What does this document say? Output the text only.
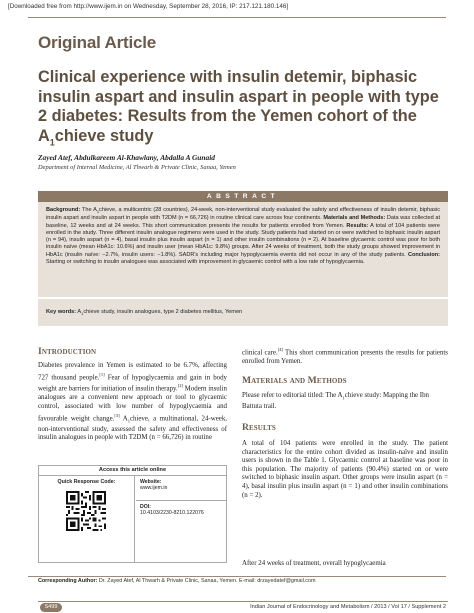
[Downloaded free from http://www.ijem.in on Wednesday, September 28, 2016, IP: 217.121.180.146]
Original Article
Clinical experience with insulin detemir, biphasic insulin aspart and insulin aspart in people with type 2 diabetes: Results from the Yemen cohort of the $A_1chieve$ study
Zayed Atef, Abdulkareem Al-Khawlany, Abdalla A Gunaid
Department of Internal Medicine, Al Thwarh & Private Clinic, Sanaa, Yemen
ABSTRACT
Background: The $A_1chieve$, a multicentric (28 countries), 24-week, non-interventional study evaluated the safety and effectiveness of insulin detemir, biphasic insulin aspart and insulin aspart in people with T2DM (n = 66,726) in routine clinical care across four continents. Materials and Methods: Data was collected at baseline, 12 weeks and at 24 weeks. This short communication presents the results for patients enrolled from Yemen. Results: A total of 104 patients were enrolled in the study. Three different insulin analogue regimens were used in the study. Study patients had started on or were switched to biphasic insulin aspart (n = 94), insulin aspart (n = 4), basal insulin plus insulin aspart (n = 1) and other insulin combinations (n = 2). At baseline glycaemic control was poor for both insulin naïve (mean HbA1c: 10.6%) and insulin user (mean HbA1c: 9.8%) groups. After 24 weeks of treatment, both the study groups showed improvement in HbA1c (insulin naïve: −2.7%, insulin users: −1.8%). SADR's including major hypoglycaemia events did not occur in any of the study patients. Conclusion: Starting or switching to insulin analogues was associated with improvement in glycaemic control with a low rate of hypoglycaemia.
Key words: $A_1chieve$ study, insulin analogues, type 2 diabetes mellitus, Yemen
Introduction
Diabetes prevalence in Yemen is estimated to be 6.7%, affecting 727 thousand people.[1] Fear of hypoglycaemia and gain in body weight are barriers for initiation of insulin therapy.[2] Modern insulin analogues are a convenient new approach or tool to glycaemic control, associated with low number of hypoglycaemia and favourable weight change.[3] $A_1chieve$, a multinational, 24-week, non-interventional study, assessed the safety and effectiveness of insulin analogues in people with T2DM (n = 66,726) in routine
Access this article online
Quick Response Code:	Website:
www.ijem.in
DOI:
10.4103/2230-8210.122076
clinical care.[4] This short communication presents the results for patients enrolled from Yemen.
Materials and Methods
Please refer to editorial titled: The $A_1chieve$ study: Mapping the Ibn Battuta trail.
Results
A total of 104 patients were enrolled in the study. The patient characteristics for the entire cohort divided as insulin-naïve and insulin users is shown in the Table 1. Glycaemic control at baseline was poor in this population. The majority of patients (90.4%) started on or were switched to biphasic insulin aspart. Other groups were insulin aspart (n = 4), basal insulin plus insulin aspart (n = 1) and other insulin combinations (n = 2).
After 24 weeks of treatment, overall hypoglycaemia
Corresponding Author: Dr. Zayed Atef, Al Thwarh & Private Clinic, Sanaa, Yemen. E-mail: drzayedatef@gmail.com
S499	Indian Journal of Endocrinology and Metabolism / 2013 / Vol 17 / Supplement 2
